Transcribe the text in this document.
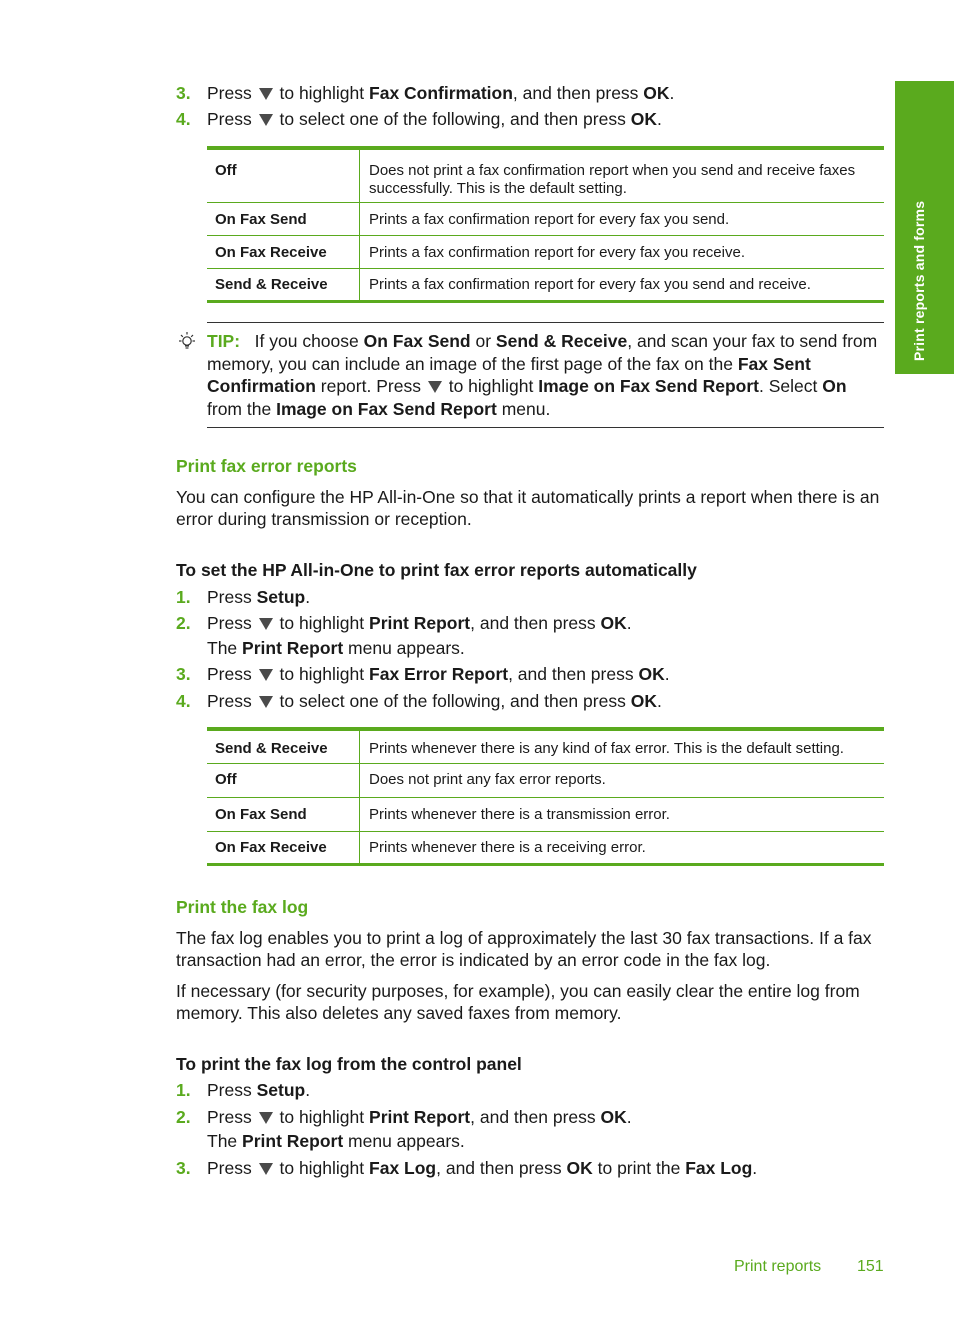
Print reports and forms
3. Press to highlight Fax Confirmation, and then press OK.
4. Press to select one of the following, and then press OK.
Off	Does not print a fax confirmation report when you send and receive faxes successfully. This is the default setting.
On Fax Send	Prints a fax confirmation report for every fax you send.
On Fax Receive	Prints a fax confirmation report for every fax you receive.
Send & Receive	Prints a fax confirmation report for every fax you send and receive.
TIP: If you choose On Fax Send or Send & Receive, and scan your fax to send from memory, you can include an image of the first page of the fax on the Fax Sent Confirmation report. Press to highlight Image on Fax Send Report. Select On from the Image on Fax Send Report menu.
Print fax error reports
You can configure the HP All-in-One so that it automatically prints a report when there is an error during transmission or reception.
To set the HP All-in-One to print fax error reports automatically
1. Press Setup.
2. Press to highlight Print Report, and then press OK.
The Print Report menu appears.
3. Press to highlight Fax Error Report, and then press OK.
4. Press to select one of the following, and then press OK.
Send & Receive	Prints whenever there is any kind of fax error. This is the default setting.
Off	Does not print any fax error reports.
On Fax Send	Prints whenever there is a transmission error.
On Fax Receive	Prints whenever there is a receiving error.
Print the fax log
The fax log enables you to print a log of approximately the last 30 fax transactions. If a fax transaction had an error, the error is indicated by an error code in the fax log.
If necessary (for security purposes, for example), you can easily clear the entire log from memory. This also deletes any saved faxes from memory.
To print the fax log from the control panel
1. Press Setup.
2. Press to highlight Print Report, and then press OK.
The Print Report menu appears.
3. Press to highlight Fax Log, and then press OK to print the Fax Log.
Print reports 151
